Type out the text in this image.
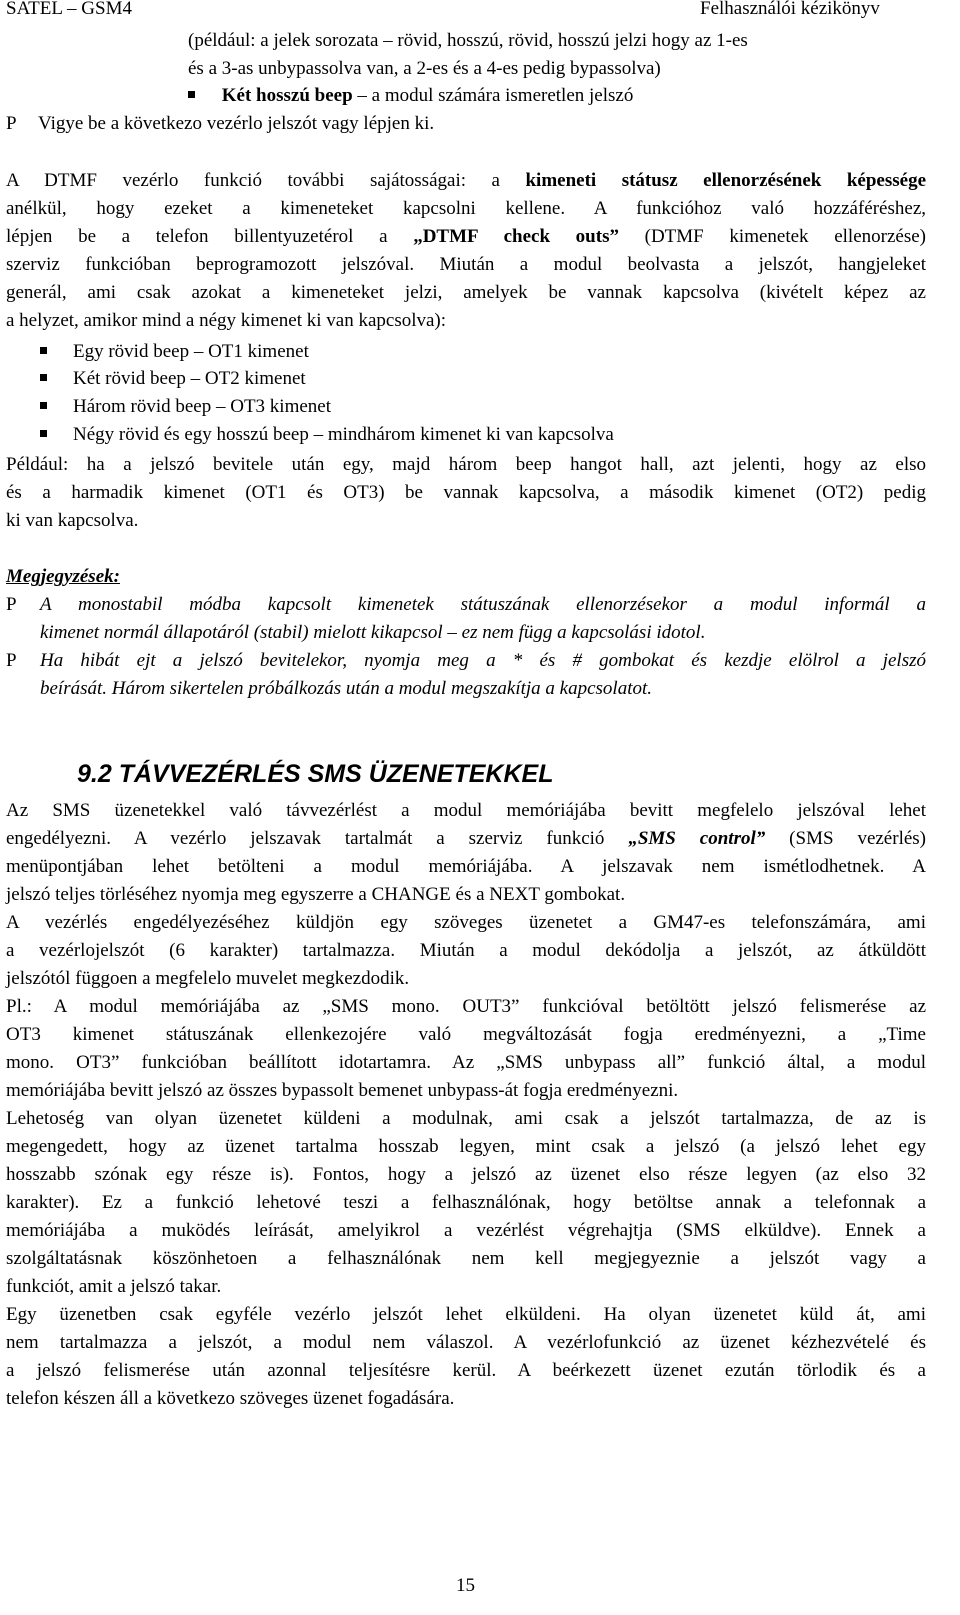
SATEL – GSM4	Felhasználói kézikönyv
(például: a jelek sorozata – rövid, hosszú, rövid, hosszú jelzi hogy az 1-es
és a 3-as unbypassolva van, a 2-es és a 4-es pedig bypassolva)
Két hosszú beep – a modul számára ismeretlen jelszó
P Vigye be a következo vezérlo jelszót vagy lépjen ki.
A DTMF vezérlo funkció további sajátosságai: a kimeneti státusz ellenorzésének képessége
anélkül, hogy ezeket a kimeneteket kapcsolni kellene. A funkcióhoz való hozzáféréshez,
lépjen be a telefon billentyuzetérol a „DTMF check outs” (DTMF kimenetek ellenorzése)
szerviz funkcióban beprogramozott jelszóval. Miután a modul beolvasta a jelszót, hangjeleket
generál, ami csak azokat a kimeneteket jelzi, amelyek be vannak kapcsolva (kivételt képez az
a helyzet, amikor mind a négy kimenet ki van kapcsolva):
Egy rövid beep – OT1 kimenet
Két rövid beep – OT2 kimenet
Három rövid beep – OT3 kimenet
Négy rövid és egy hosszú beep – mindhárom kimenet ki van kapcsolva
Például: ha a jelszó bevitele után egy, majd három beep hangot hall, azt jelenti, hogy az elso
és a harmadik kimenet (OT1 és OT3) be vannak kapcsolva, a második kimenet (OT2) pedig
ki van kapcsolva.
Megjegyzések:
P A monostabil módba kapcsolt kimenetek státuszának ellenorzésekor a modul informál a
kimenet normál állapotáról (stabil) mielott kikapcsol – ez nem függ a kapcsolási idotol.
P Ha hibát ejt a jelszó bevitelekor, nyomja meg a * és # gombokat és kezdje elölrol a jelszó
beírását. Három sikertelen próbálkozás után a modul megszakítja a kapcsolatot.
9.2 TÁVVEZÉRLÉS SMS ÜZENETEKKEL
Az SMS üzenetekkel való távvezérlést a modul memóriájába bevitt megfelelo jelszóval lehet
engedélyezni. A vezérlo jelszavak tartalmát a szerviz funkció „SMS control” (SMS vezérlés)
menüpontjában lehet betölteni a modul memóriájába. A jelszavak nem ismétlodhetnek. A
jelszó teljes törléséhez nyomja meg egyszerre a CHANGE és a NEXT gombokat.
A vezérlés engedélyezéséhez küldjön egy szöveges üzenetet a GM47-es telefonszámára, ami
a vezérlojelszót (6 karakter) tartalmazza. Miután a modul dekódolja a jelszót, az átküldött
jelszótól függoen a megfelelo muvelet megkezdodik.
Pl.: A modul memóriájába az „SMS mono. OUT3” funkcióval betöltött jelszó felismerése az
OT3 kimenet státuszának ellenkezojére való megváltozását fogja eredményezni, a „Time
mono. OT3” funkcióban beállított idotartamra. Az „SMS unbypass all” funkció által, a modul
memóriájába bevitt jelszó az összes bypassolt bemenet unbypass-át fogja eredményezni.
Lehetoség van olyan üzenetet küldeni a modulnak, ami csak a jelszót tartalmazza, de az is
megengedett, hogy az üzenet tartalma hosszab legyen, mint csak a jelszó (a jelszó lehet egy
hosszabb szónak egy része is). Fontos, hogy a jelszó az üzenet elso része legyen (az elso 32
karakter). Ez a funkció lehetové teszi a felhasználónak, hogy betöltse annak a telefonnak a
memóriájába a muködés leírását, amelyikrol a vezérlést végrehajtja (SMS elküldve). Ennek a
szolgáltatásnak köszönhetoen a felhasználónak nem kell megjegyeznie a jelszót vagy a
funkciót, amit a jelszó takar.
Egy üzenetben csak egyféle vezérlo jelszót lehet elküldeni. Ha olyan üzenetet küld át, ami
nem tartalmazza a jelszót, a modul nem válaszol. A vezérlofunkció az üzenet kézhezvételé és
a jelszó felismerése után azonnal teljesítésre kerül. A beérkezett üzenet ezután törlodik és a
telefon készen áll a következo szöveges üzenet fogadására.
15
